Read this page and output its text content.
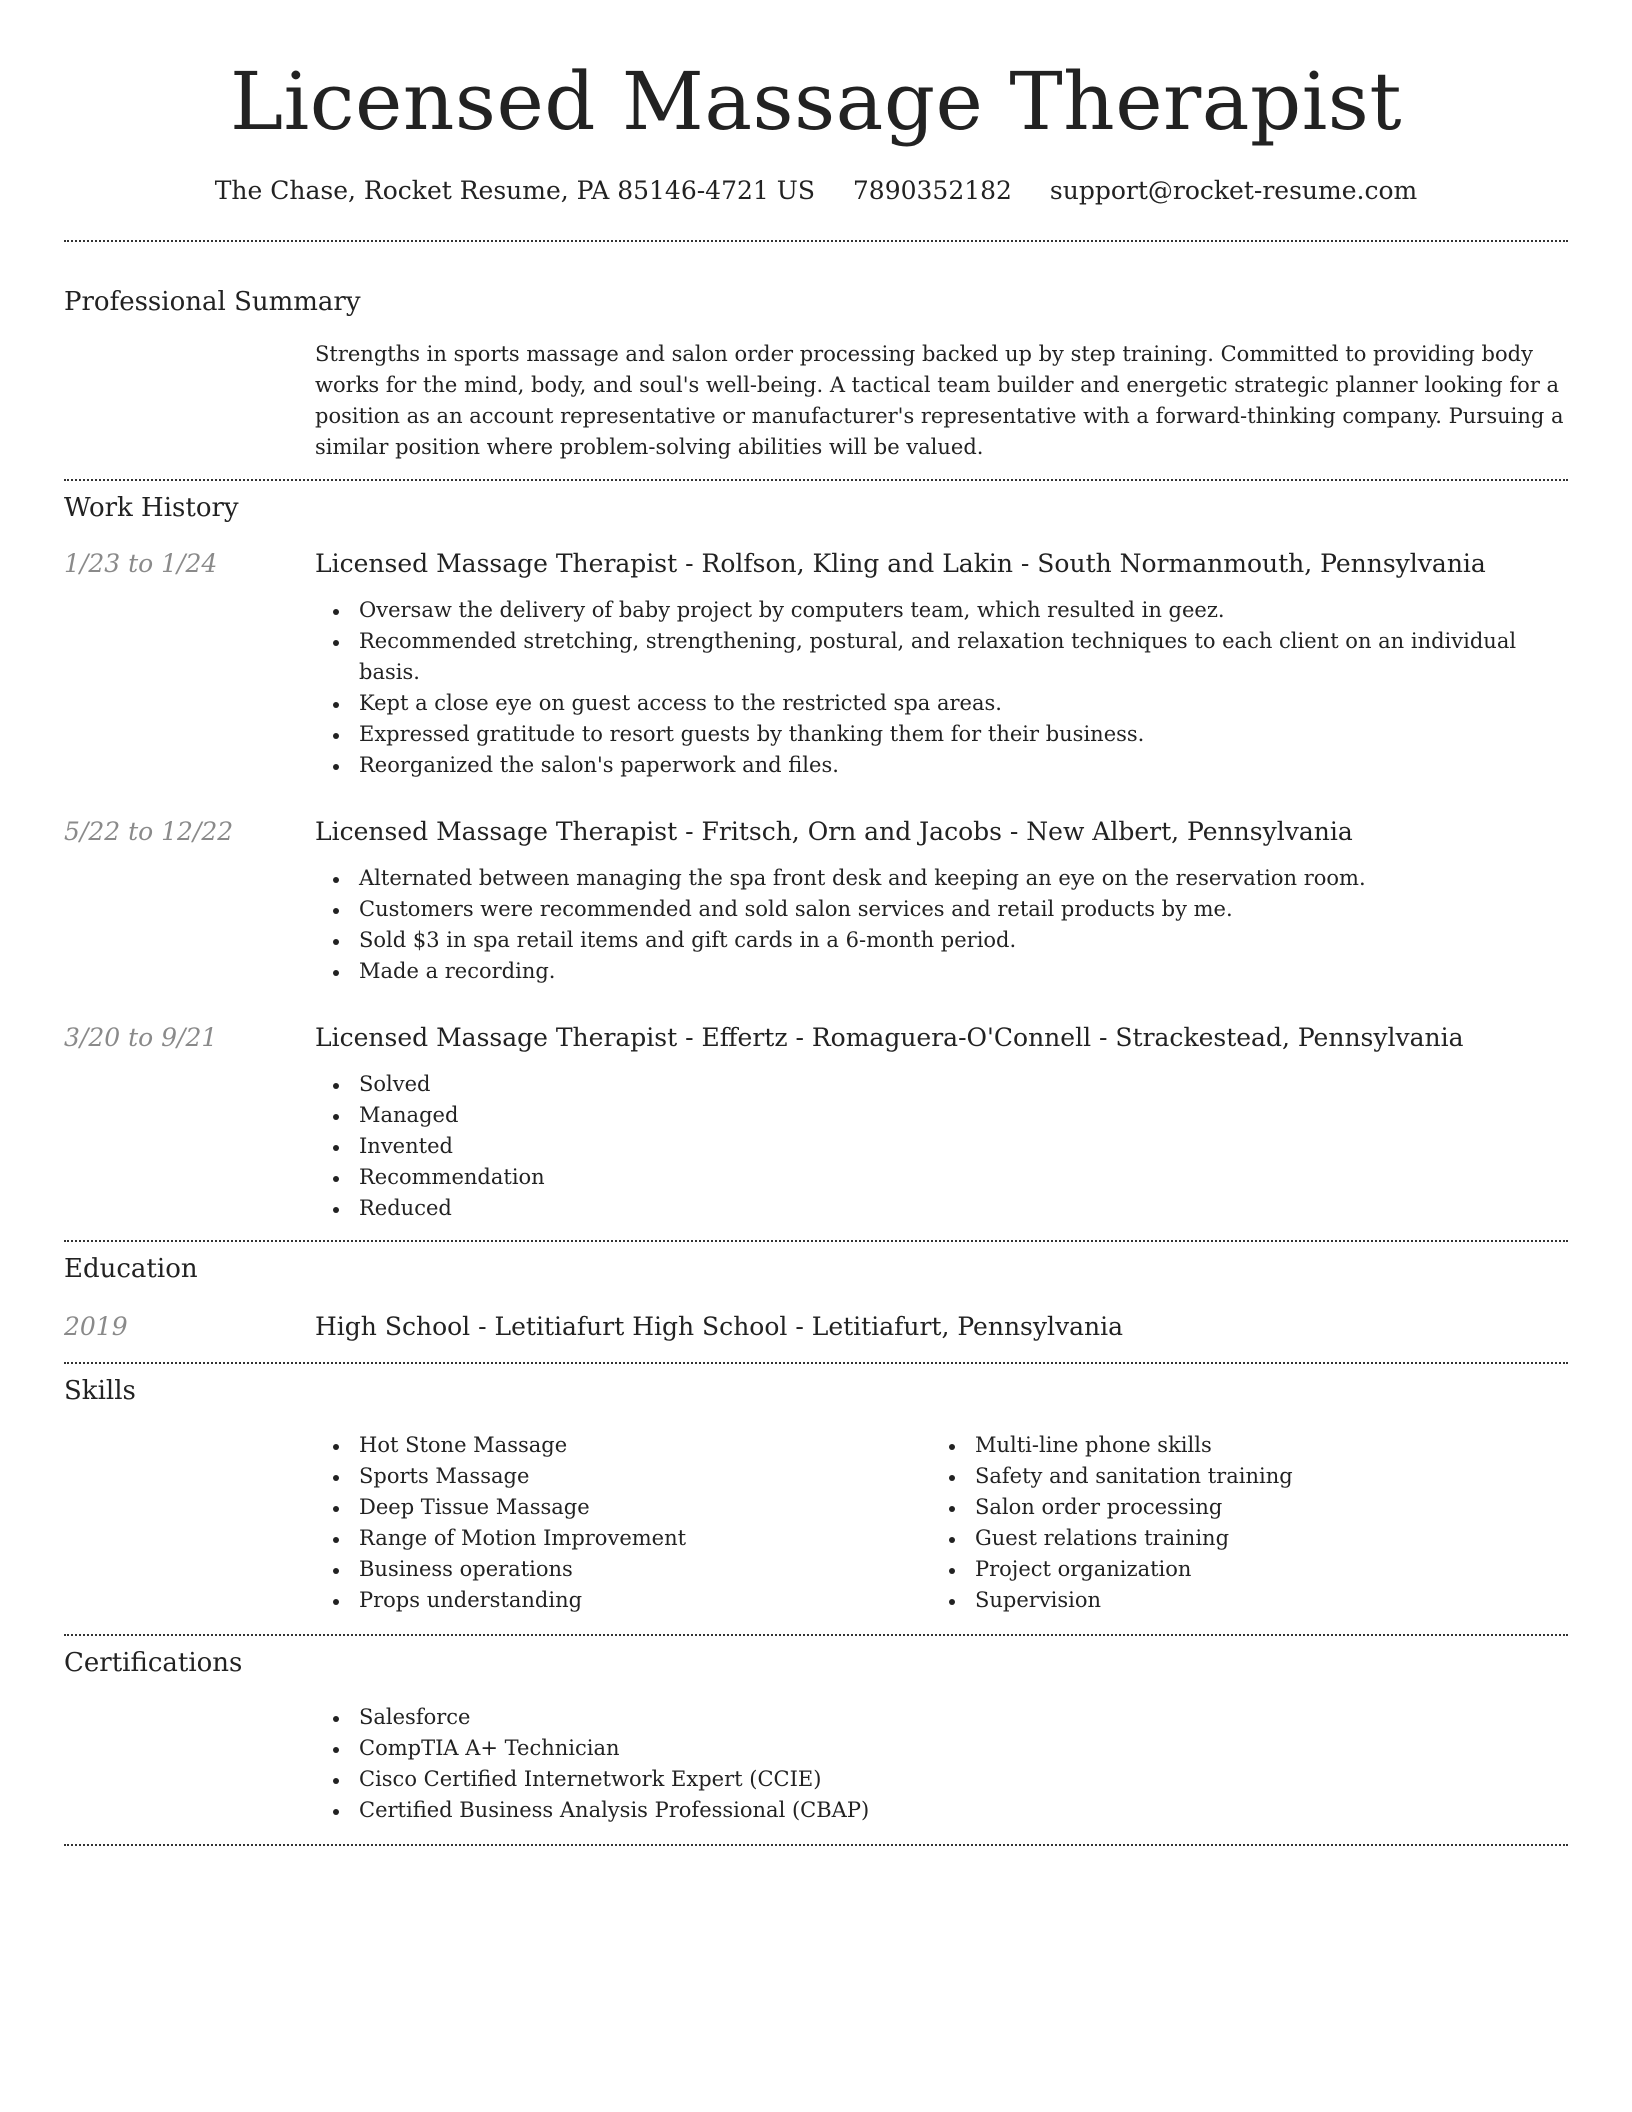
Licensed Massage Therapist
The Chase, Rocket Resume, PA 85146-4721 US 7890352182 support@rocket-resume.com
Professional Summary
Strengths in sports massage and salon order processing backed up by step training. Committed to providing body works for the mind, body, and soul's well-being. A tactical team builder and energetic strategic planner looking for a position as an account representative or manufacturer's representative with a forward-thinking company. Pursuing a similar position where problem-solving abilities will be valued.
Work History
1/23 to 1/24	Licensed Massage Therapist - Rolfson, Kling and Lakin - South Normanmouth, Pennsylvania
Oversaw the delivery of baby project by computers team, which resulted in geez.
Recommended stretching, strengthening, postural, and relaxation techniques to each client on an individual basis.
Kept a close eye on guest access to the restricted spa areas.
Expressed gratitude to resort guests by thanking them for their business.
Reorganized the salon's paperwork and files.
5/22 to 12/22	Licensed Massage Therapist - Fritsch, Orn and Jacobs - New Albert, Pennsylvania
Alternated between managing the spa front desk and keeping an eye on the reservation room.
Customers were recommended and sold salon services and retail products by me.
Sold $3 in spa retail items and gift cards in a 6-month period.
Made a recording.
3/20 to 9/21	Licensed Massage Therapist - Effertz - Romaguera-O'Connell - Strackestead, Pennsylvania
Solved
Managed
Invented
Recommendation
Reduced
Education
2019	High School - Letitiafurt High School - Letitiafurt, Pennsylvania
Skills
Hot Stone Massage
Sports Massage
Deep Tissue Massage
Range of Motion Improvement
Business operations
Props understanding
Multi-line phone skills
Safety and sanitation training
Salon order processing
Guest relations training
Project organization
Supervision
Certifications
Salesforce
CompTIA A+ Technician
Cisco Certified Internetwork Expert (CCIE)
Certified Business Analysis Professional (CBAP)
